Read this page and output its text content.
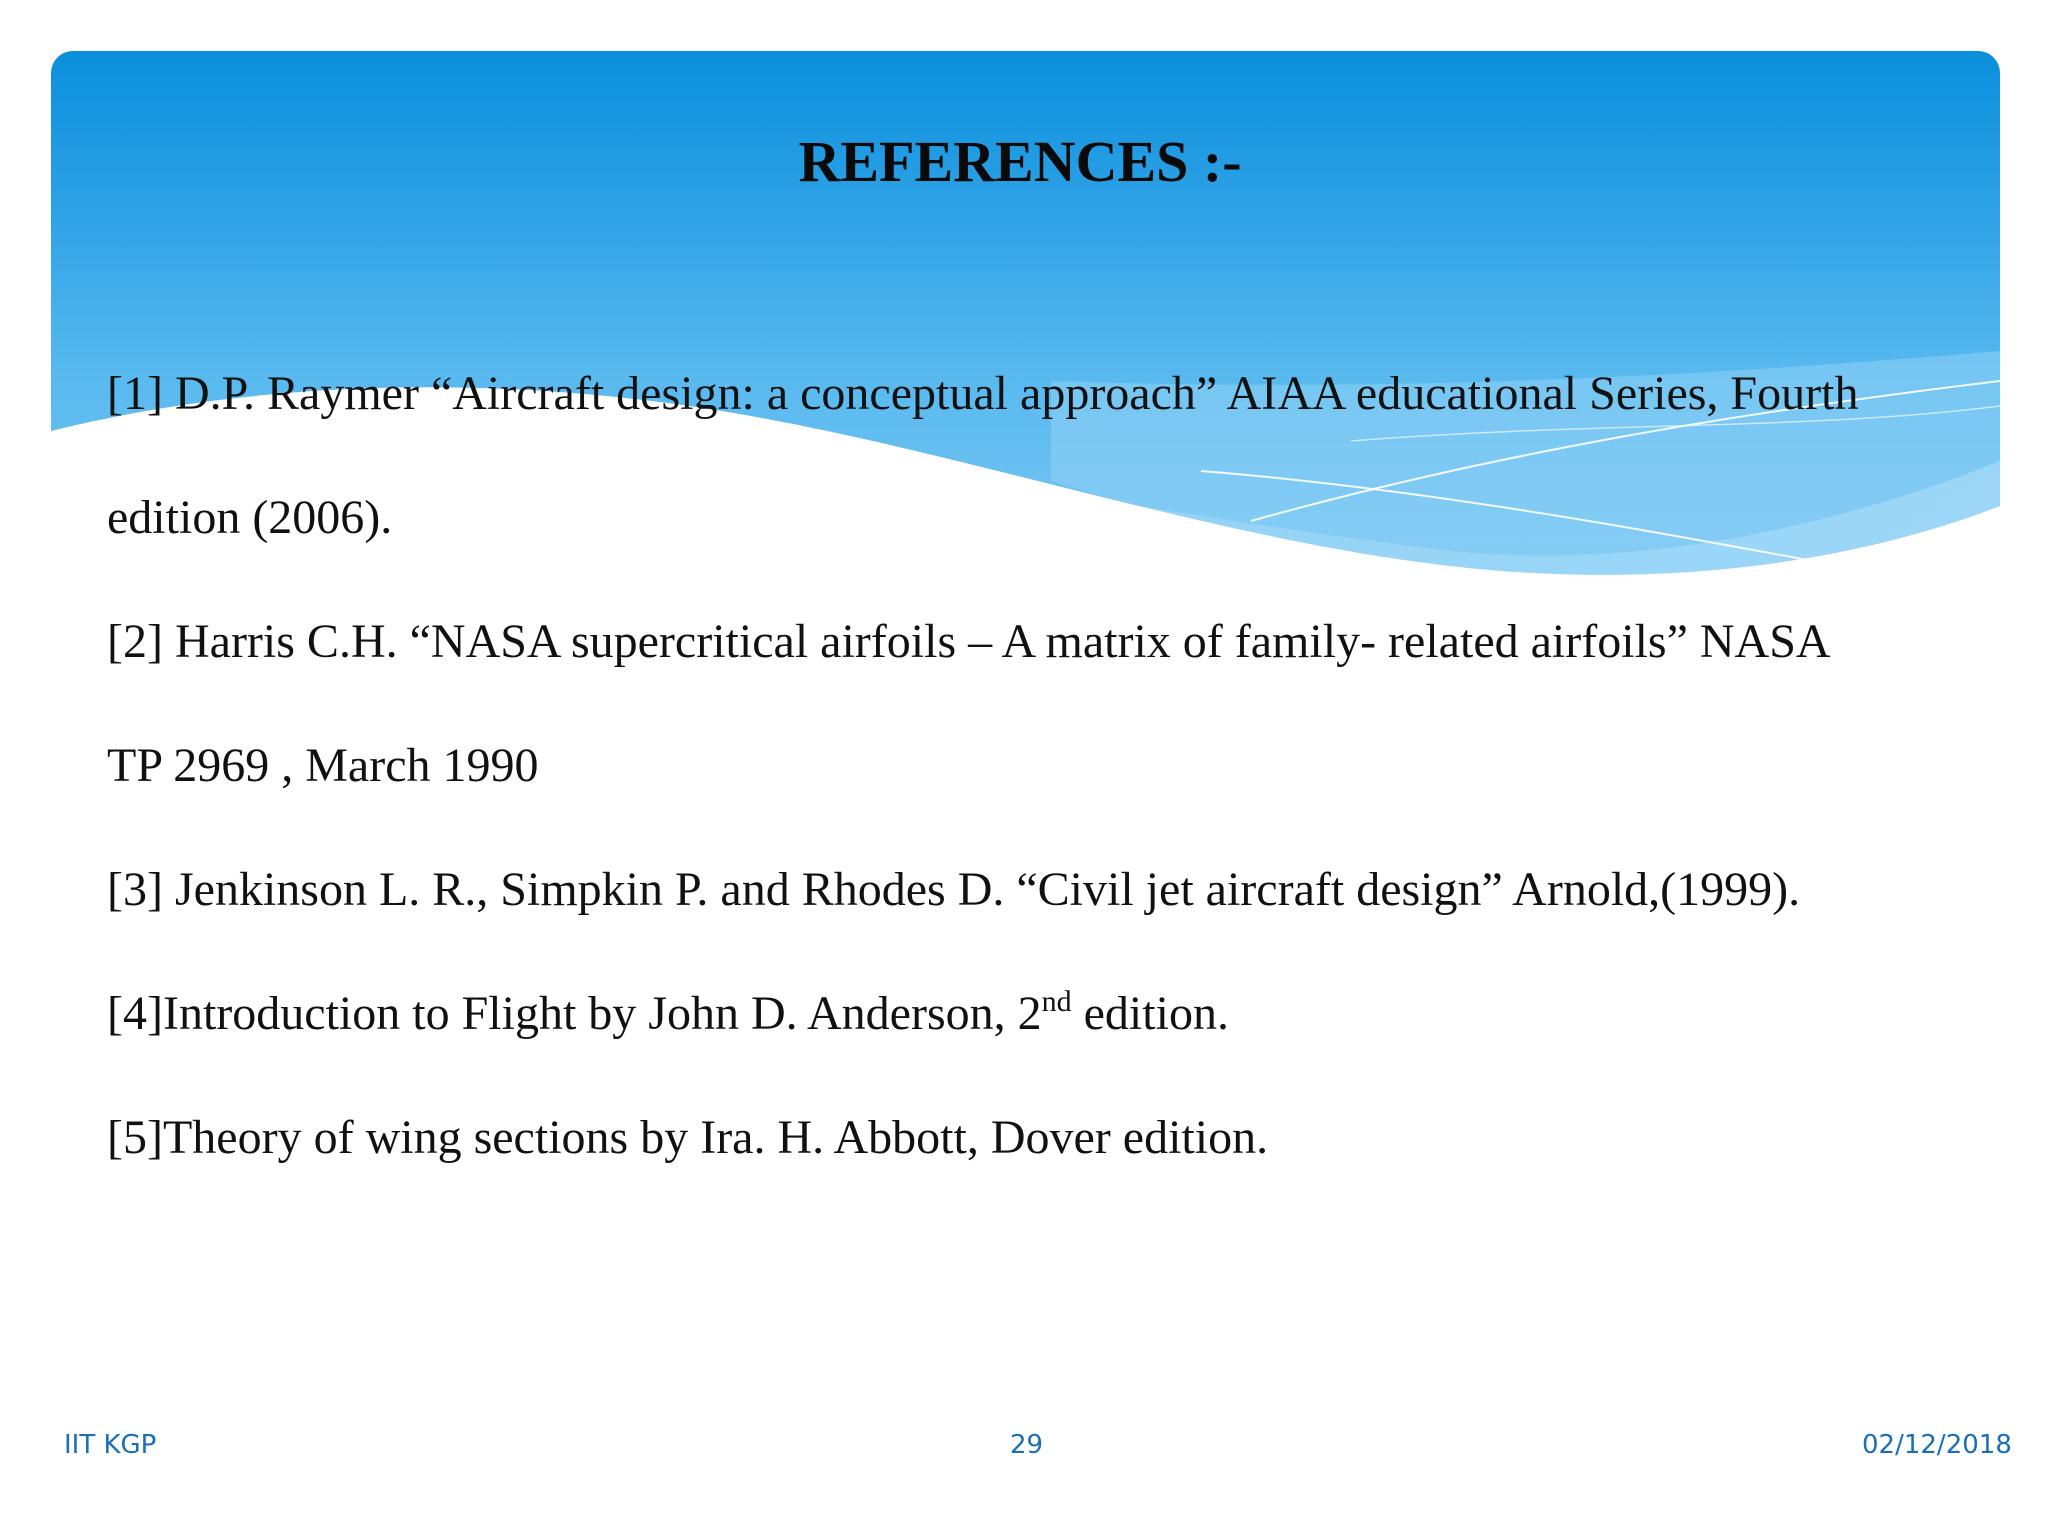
REFERENCES :-

[1] D.P. Raymer “Aircraft design: a conceptual approach” AIAA educational Series, Fourth

edition (2006).

[2] Harris C.H. “NASA supercritical airfoils – A matrix of family- related airfoils” NASA

TP 2969 , March 1990

[3] Jenkinson L. R., Simpkin P. and Rhodes D. “Civil jet aircraft design” Arnold,(1999).

[4]Introduction to Flight by John D. Anderson, 2nd edition.

[5]Theory of wing sections by Ira. H. Abbott, Dover edition.

IIT KGP	29	02/12/2018
